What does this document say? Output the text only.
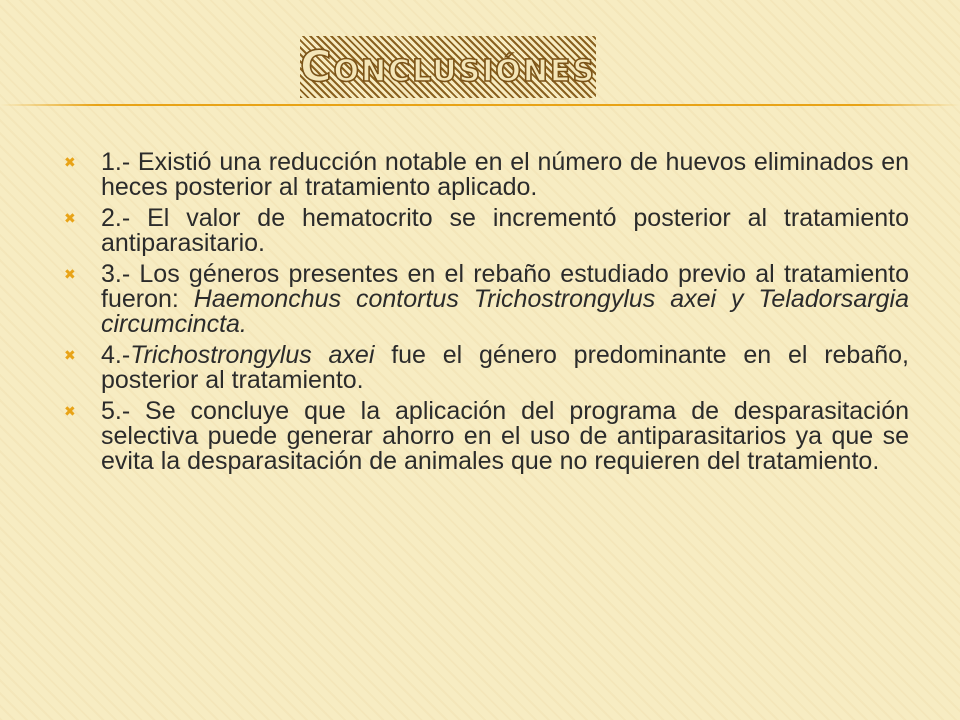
Conclusiónes
✖ 1.- Existió una reducción notable en el número de huevos eliminados en heces posterior al tratamiento aplicado.
✖ 2.- El valor de hematocrito se incrementó posterior al tratamiento antiparasitario.
✖ 3.- Los géneros presentes en el rebaño estudiado previo al tratamiento fueron: Haemonchus contortus Trichostrongylus axei y Teladorsargia circumcincta.
✖ 4.-Trichostrongylus axei fue el género predominante en el rebaño, posterior al tratamiento.
✖ 5.- Se concluye que la aplicación del programa de desparasitación selectiva puede generar ahorro en el uso de antiparasitarios ya que se evita la desparasitación de animales que no requieren del tratamiento.
